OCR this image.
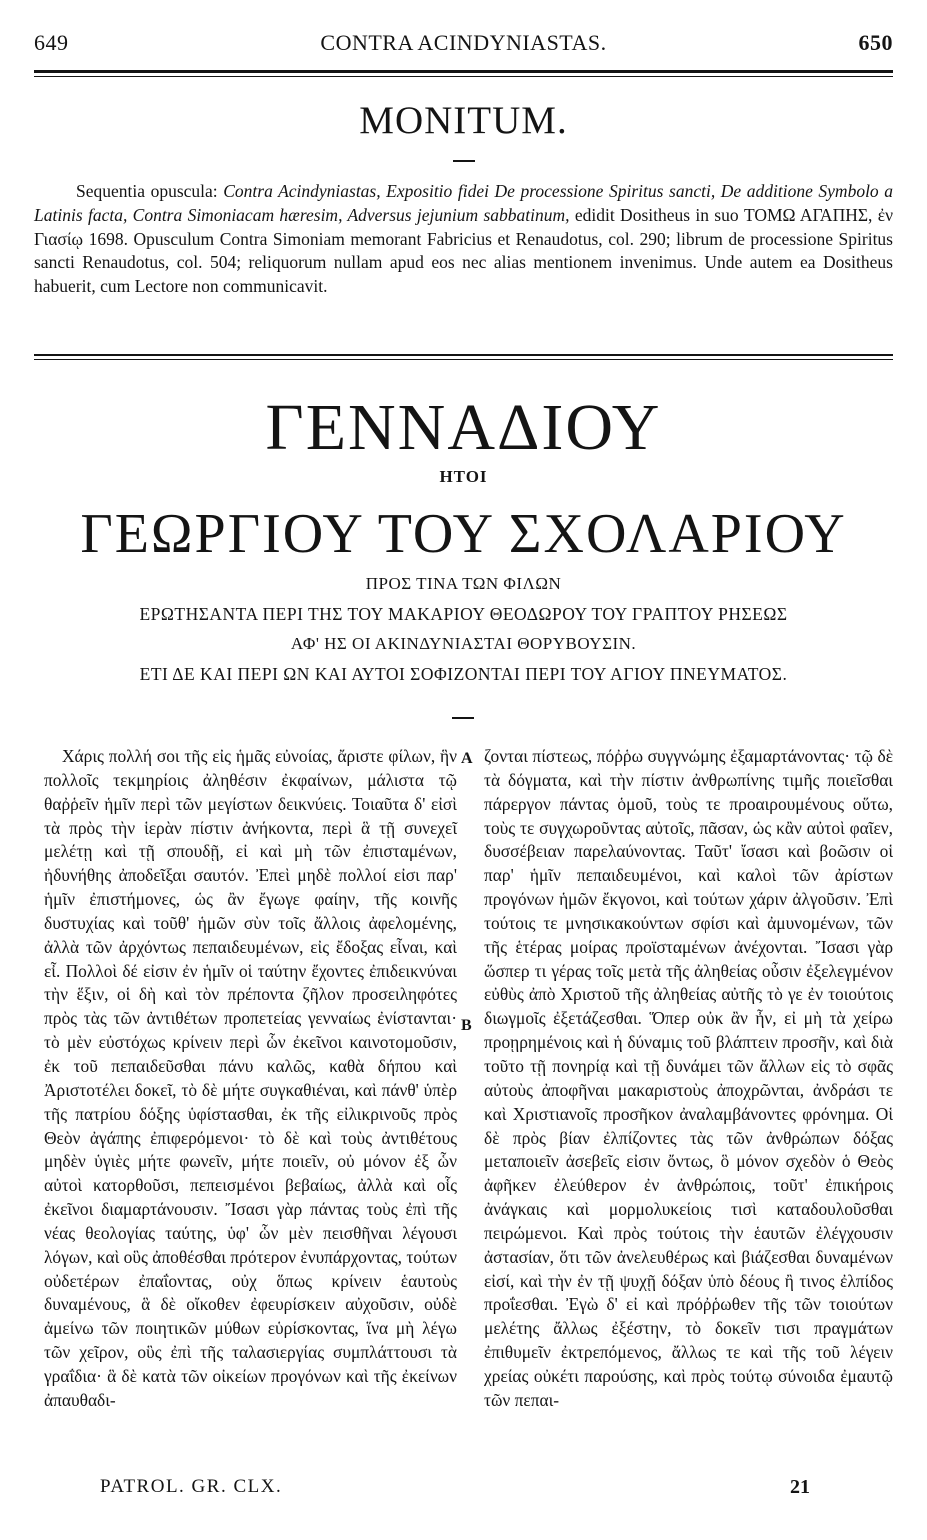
649	CONTRA ACINDYNIASTAS.	650
MONITUM.
Sequentia opuscula: Contra Acindyniastas, Expositio fidei De processione Spiritus sancti, De additione Symbolo a Latinis facta, Contra Simoniacam hæresim, Adversus jejunium sabbatinum, edidit Dositheus in suo ΤΟΜΩ ΑΓΑΠΗΣ, ἐν Γιασίῳ 1698. Opusculum Contra Simoniam memorant Fabricius et Renaudotus, col. 290; librum de processione Spiritus sancti Renaudotus, col. 504; reliquorum nullam apud eos nec alias mentionem invenimus. Unde autem ea Dositheus habuerit, cum Lectore non communicavit.
ΓΕΝΝΑΔΙΟΥ
ΗΤΟΙ
ΓΕΩΡΓΙΟΥ ΤΟΥ ΣΧΟΛΑΡΙΟΥ
ΠΡΟΣ ΤΙΝΑ ΤΩΝ ΦΙΛΩΝ
ΕΡΩΤΗΣΑΝΤΑ ΠΕΡΙ ΤΗΣ ΤΟΥ ΜΑΚΑΡΙΟΥ ΘΕΟΔΩΡΟΥ ΤΟΥ ΓΡΑΠΤΟΥ ΡΗΣΕΩΣ
ΑΦ' ΗΣ ΟΙ ΑΚΙΝΔΥΝΙΑΣΤΑΙ ΘΟΡΥΒΟΥΣΙΝ.
ΕΤΙ ΔΕ ΚΑΙ ΠΕΡΙ ΩΝ ΚΑΙ ΑΥΤΟΙ ΣΟΦΙΖΟΝΤΑΙ ΠΕΡΙ ΤΟΥ ΑΓΙΟΥ ΠΝΕΥΜΑΤΟΣ.
Χάρις πολλή σοι τῆς εἰς ἡμᾶς εὐνοίας, ἄριστε φίλων, ἣν πολλοῖς τεκμηρίοις ἀληθέσιν ἐκφαίνων, μάλιστα τῷ θαῤῥεῖν ἡμῖν περὶ τῶν μεγίστων δεικνύεις. Τοιαῦτα δ' εἰσὶ τὰ πρὸς τὴν ἱερὰν πίστιν ἀνήκοντα, περὶ ἃ τῇ συνεχεῖ μελέτῃ καὶ τῇ σπουδῇ, εἰ καὶ μὴ τῶν ἐπισταμένων, ἠδυνήθης ἀποδεῖξαι σαυτόν. Ἐπεὶ μηδὲ πολλοί εἰσι παρ' ἡμῖν ἐπιστήμονες, ὡς ἂν ἔγωγε φαίην, τῆς κοινῆς δυστυχίας καὶ τοῦθ' ἡμῶν σὺν τοῖς ἄλλοις ἀφελομένης, ἀλλὰ τῶν ἀρχόντως πεπαιδευμένων, εἰς ἔδοξας εἶναι, καὶ εἶ. Πολλοὶ δέ εἰσιν ἐν ἡμῖν οἱ ταύτην ἔχοντες ἐπιδεικνύναι τὴν ἕξιν, οἱ δὴ καὶ τὸν πρέποντα ζῆλον προσειληφότες πρὸς τὰς τῶν ἀντιθέτων προπετείας γενναίως ἐνίστανται· τὸ μὲν εὐστόχως κρίνειν περὶ ὧν ἐκεῖνοι καινοτομοῦσιν, ἐκ τοῦ πεπαιδεῦσθαι πάνυ καλῶς, καθὰ δήπου καὶ Ἀριστοτέλει δοκεῖ, τὸ δὲ μήτε συγκαθιέναι, καὶ πάνθ' ὑπὲρ τῆς πατρίου δόξης ὑφίστασθαι, ἐκ τῆς εἰλικρινοῦς πρὸς Θεὸν ἀγάπης ἐπιφερόμενοι· τὸ δὲ καὶ τοὺς ἀντιθέτους μηδὲν ὑγιὲς μήτε φωνεῖν, μήτε ποιεῖν, οὐ μόνον ἐξ ὧν αὐτοὶ κατορθοῦσι, πεπεισμένοι βεβαίως, ἀλλὰ καὶ οἷς ἐκεῖνοι διαμαρτάνουσιν. Ἴσασι γὰρ πάντας τοὺς ἐπὶ τῆς νέας θεολογίας ταύτης, ὑφ' ὧν μὲν πεισθῆναι λέγουσι λόγων, καὶ οὓς ἀποθέσθαι πρότερον ἐνυπάρχοντας, τούτων οὐδετέρων ἐπαΐοντας, οὐχ ὅπως κρίνειν ἑαυτοὺς δυναμένους, ἃ δὲ οἴκοθεν ἐφευρίσκειν αὐχοῦσιν, οὐδὲ ἀμείνω τῶν ποιητικῶν μύθων εὑρίσκοντας, ἵνα μὴ λέγω τῶν χεῖρον, οὓς ἐπὶ τῆς ταλασιεργίας συμπλάττουσι τὰ γραΐδια· ἃ δὲ κατὰ τῶν οἰκείων προγόνων καὶ τῆς ἐκείνων ἀπαυθαδι-
A
B
ζονται πίστεως, πόῤῥω συγγνώμης ἐξαμαρτάνοντας· τῷ δὲ τὰ δόγματα, καὶ τὴν πίστιν ἀνθρωπίνης τιμῆς ποιεῖσθαι πάρεργον πάντας ὁμοῦ, τοὺς τε προαιρουμένους οὕτω, τοὺς τε συγχωροῦντας αὐτοῖς, πᾶσαν, ὡς κἂν αὐτοὶ φαῖεν, δυσσέβειαν παρελαύνοντας. Ταῦτ' ἴσασι καὶ βοῶσιν οἱ παρ' ἡμῖν πεπαιδευμένοι, καὶ καλοὶ τῶν ἀρίστων προγόνων ἡμῶν ἔκγονοι, καὶ τούτων χάριν ἀλγοῦσιν. Ἐπὶ τούτοις τε μνησικακούντων σφίσι καὶ ἀμυνομένων, τῶν τῆς ἑτέρας μοίρας προϊσταμένων ἀνέχονται. Ἴσασι γὰρ ὥσπερ τι γέρας τοῖς μετὰ τῆς ἀληθείας οὖσιν ἐξελεγμένον εὐθὺς ἀπὸ Χριστοῦ τῆς ἀληθείας αὐτῆς τὸ γε ἐν τοιούτοις διωγμοῖς ἐξετάζεσθαι. Ὅπερ οὐκ ἂν ἦν, εἰ μὴ τὰ χείρω προῃρημένοις καὶ ἡ δύναμις τοῦ βλάπτειν προσῆν, καὶ διὰ τοῦτο τῇ πονηρίᾳ καὶ τῇ δυνάμει τῶν ἄλλων εἰς τὸ σφᾶς αὐτοὺς ἀποφῆναι μακαριστοὺς ἀποχρῶνται, ἀνδράσι τε καὶ Χριστιανοῖς προσῆκον ἀναλαμβάνοντες φρόνημα. Οἱ δὲ πρὸς βίαν ἐλπίζοντες τὰς τῶν ἀνθρώπων δόξας μεταποιεῖν ἀσεβεῖς εἰσιν ὄντως, ὃ μόνον σχεδὸν ὁ Θεὸς ἀφῆκεν ἐλεύθερον ἐν ἀνθρώποις, τοῦτ' ἐπικήροις ἀνάγκαις καὶ μορμολυκείοις τισὶ καταδουλοῦσθαι πειρώμενοι. Καὶ πρὸς τούτοις τὴν ἑαυτῶν ἐλέγχουσιν ἀστασίαν, ὅτι τῶν ἀνελευθέρως καὶ βιάζεσθαι δυναμένων εἰσί, καὶ τὴν ἐν τῇ ψυχῇ δόξαν ὑπὸ δέους ἢ τινος ἐλπίδος προΐεσθαι. Ἐγὼ δ' εἰ καὶ πρόῤῥωθεν τῆς τῶν τοιούτων μελέτης ἄλλως ἐξέστην, τὸ δοκεῖν τισι πραγμάτων ἐπιθυμεῖν ἐκτρεπόμενος, ἄλλως τε καὶ τῆς τοῦ λέγειν χρείας οὐκέτι παρούσης, καὶ πρὸς τούτῳ σύνοιδα ἐμαυτῷ τῶν πεπαι-
PATROL. GR. CLX.	21
